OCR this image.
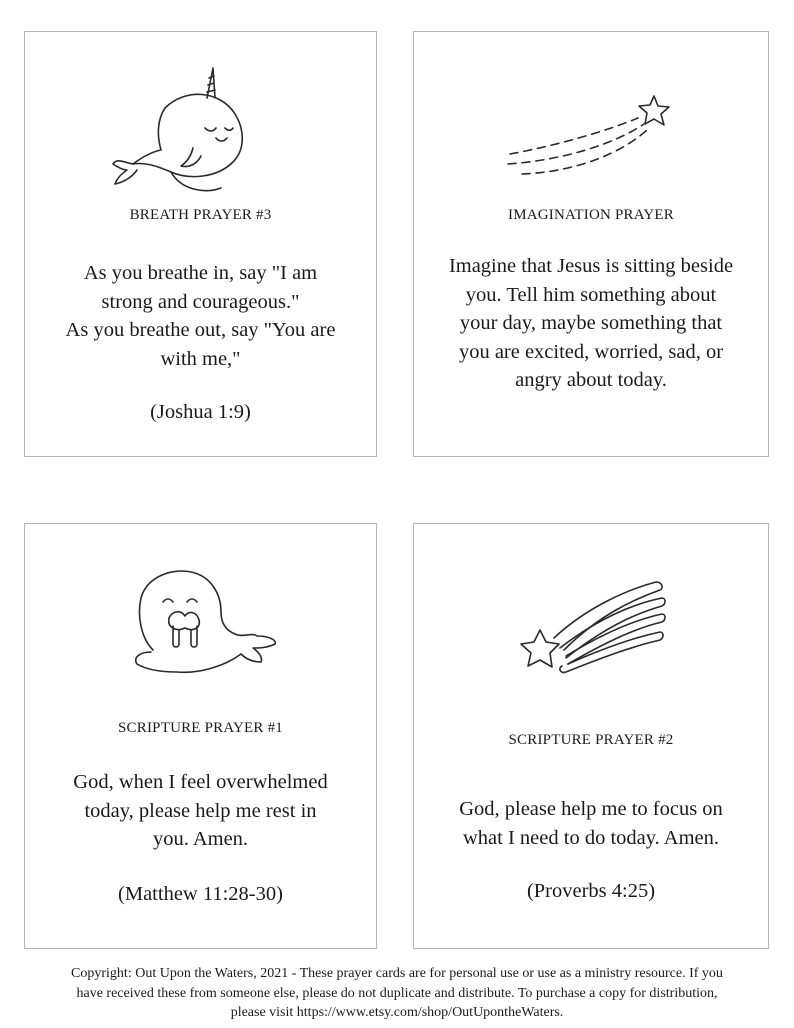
BREATH PRAYER #3
As you breathe in, say "I am
strong and courageous."
As you breathe out, say "You are
with me,"
(Joshua 1:9)
IMAGINATION PRAYER
Imagine that Jesus is sitting beside
you. Tell him something about
your day, maybe something that
you are excited, worried, sad, or
angry about today.
SCRIPTURE PRAYER #1
God, when I feel overwhelmed
today, please help me rest in
you. Amen.
(Matthew 11:28-30)
SCRIPTURE PRAYER #2
God, please help me to focus on
what I need to do today. Amen.
(Proverbs 4:25)
Copyright: Out Upon the Waters, 2021 - These prayer cards are for personal use or use as a ministry resource. If you
have received these from someone else, please do not duplicate and distribute. To purchase a copy for distribution,
please visit https://www.etsy.com/shop/OutUpontheWaters.
